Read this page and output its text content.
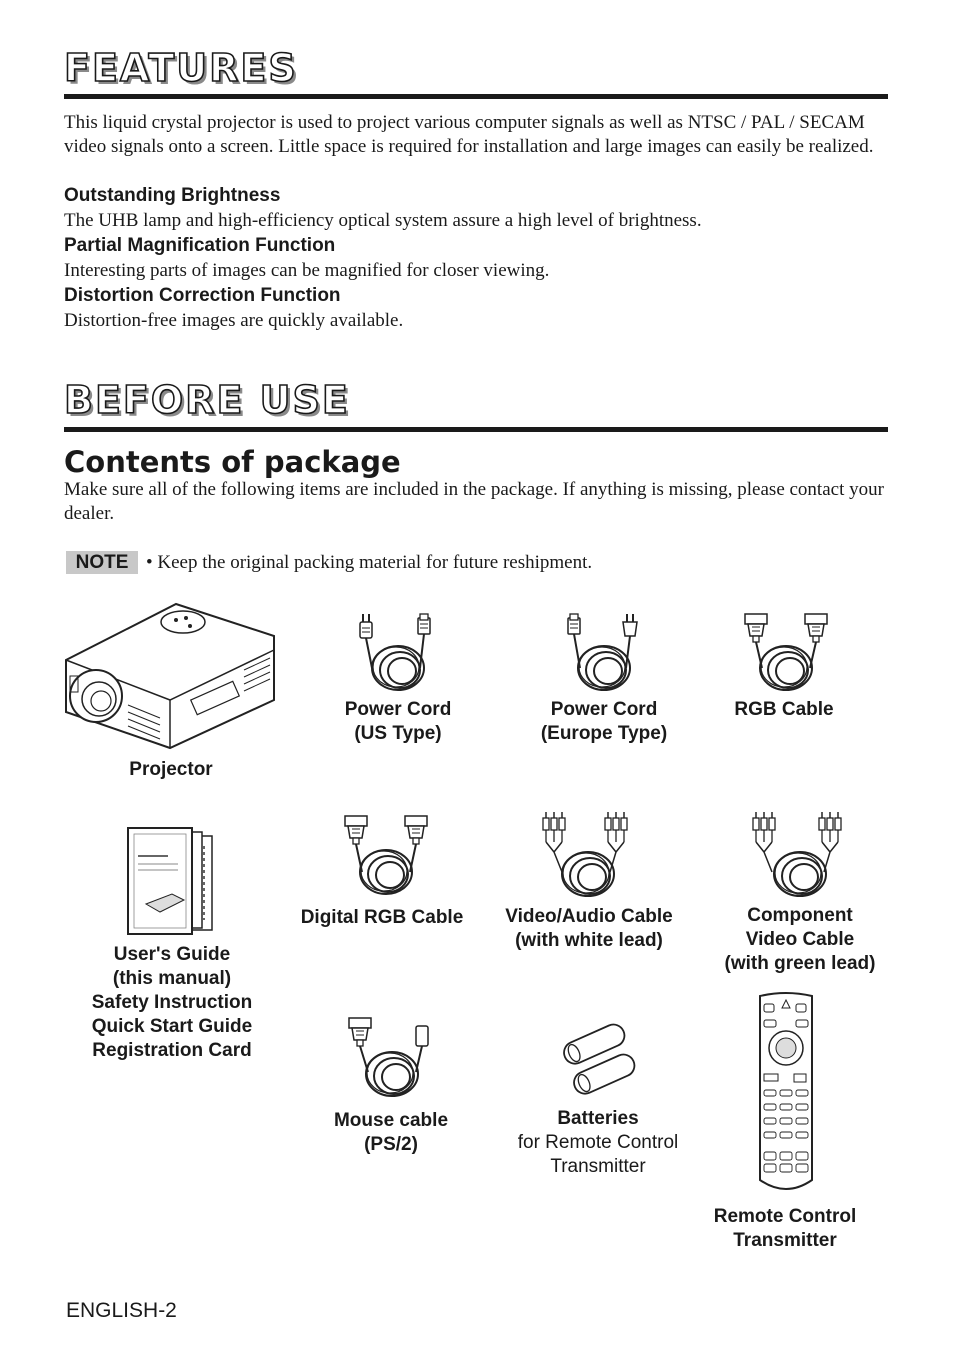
FEATURES

This liquid crystal projector is used to project various computer signals as well as NTSC / PAL / SECAM video signals onto a screen. Little space is required for installation and large images can easily be realized.

Outstanding Brightness

The UHB lamp and high-efficiency optical system assure a high level of brightness.

Partial Magnification Function

Interesting parts of images can be magnified for closer viewing.

Distortion Correction Function

Distortion-free images are quickly available.

BEFORE USE
Contents of package

Make sure all of the following items are included in the package. If anything is missing, please contact your dealer.

NOTE • Keep the original packing material for future reshipment.
Projector
Power Cord
(US Type)
Power Cord
(Europe Type)
RGB Cable
User's Guide
(this manual)
Safety Instruction
Quick Start Guide
Registration Card
Digital RGB Cable	Video/Audio Cable
(with white lead)
Component
Video Cable
(with green lead)
Mouse cable
(PS/2)
Batteries
for Remote Control
Transmitter
Remote Control
Transmitter
ENGLISH-2
